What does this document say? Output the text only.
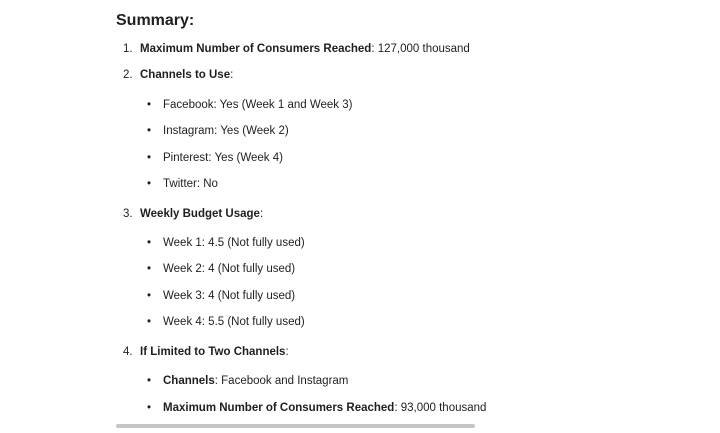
Summary:
1. Maximum Number of Consumers Reached: 127,000 thousand
2. Channels to Use:
• Facebook: Yes (Week 1 and Week 3)
• Instagram: Yes (Week 2)
• Pinterest: Yes (Week 4)
• Twitter: No
3. Weekly Budget Usage:
• Week 1: 4.5 (Not fully used)
• Week 2: 4 (Not fully used)
• Week 3: 4 (Not fully used)
• Week 4: 5.5 (Not fully used)
4. If Limited to Two Channels:
• Channels: Facebook and Instagram
• Maximum Number of Consumers Reached: 93,000 thousand
